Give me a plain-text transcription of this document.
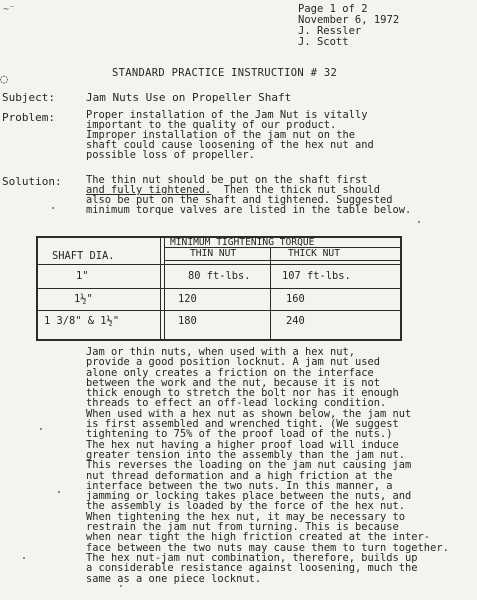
~⁻
◌
Page 1 of 2
November 6, 1972
J. Ressler
J. Scott
STANDARD PRACTICE INSTRUCTION # 32
Subject:	Jam Nuts Use on Propeller Shaft
Problem:	Proper installation of the Jam Nut is vitally
important to the quality of our product.
Improper installation of the jam nut on the
shaft could cause loosening of the hex nut and
possible loss of propeller.
Solution: The thin nut should be put on the shaft first
and fully tightened.  Then the thick nut should
also be put on the shaft and tightened. Suggested
minimum torque valves are listed in the table below.
SHAFT DIA.
MINIMUM TIGHTENING TORQUE
THIN NUT	THICK NUT
1"	80 ft-lbs.	107 ft-lbs.
1½"	120	160
1 3/8" & 1½"	180	240
Jam or thin nuts, when used with a hex nut,
provide a good position locknut. A jam nut used
alone only creates a friction on the interface
between the work and the nut, because it is not
thick enough to stretch the bolt nor has it enough
threads to effect an off-lead locking condition.
When used with a hex nut as shown below, the jam nut
is first assembled and wrenched tight. (We suggest
tightening to 75% of the proof load of the nuts.)
The hex nut having a higher proof load will induce
greater tension into the assembly than the jam nut.
This reverses the loading on the jam nut causing jam
nut thread deformation and a high friction at the
interface between the two nuts. In this manner, a
jamming or locking takes place between the nuts, and
the assembly is loaded by the force of the hex nut.
When tightening the hex nut, it may be necessary to
restrain the jam nut from turning. This is because
when near tight the high friction created at the inter-
face between the two nuts may cause them to turn together.
The hex nut-jam nut combination, therefore, builds up
a considerable resistance against loosening, much the
same as a one piece locknut.
